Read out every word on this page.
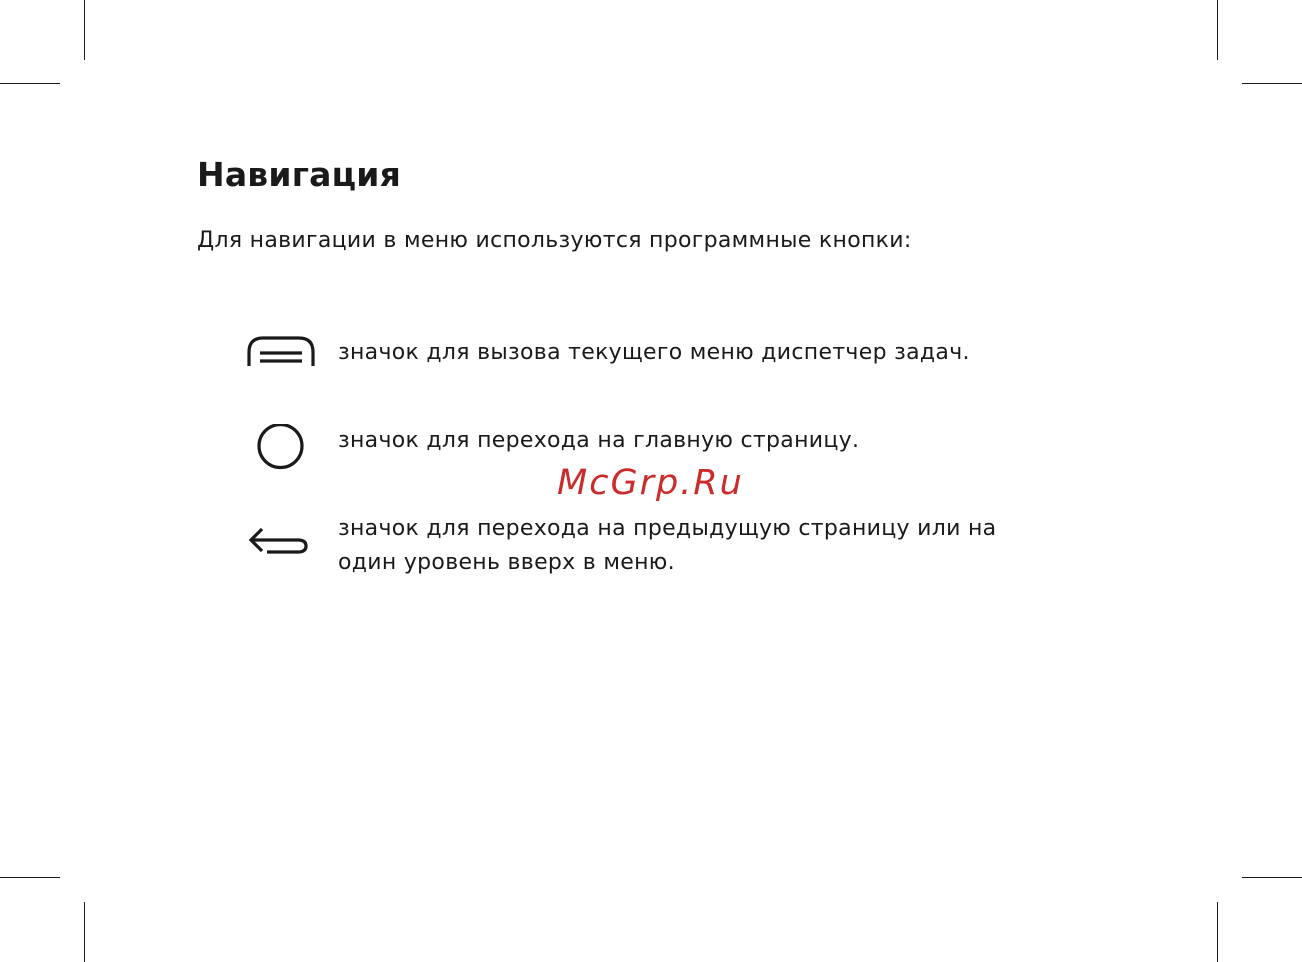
Навигация

Для навигации в меню используются программные кнопки:

значок для вызова текущего меню диспетчер задач.

значок для перехода на главную страницу.

значок для перехода на предыдущую страницу или на один уровень вверх в меню.

McGrp.Ru
